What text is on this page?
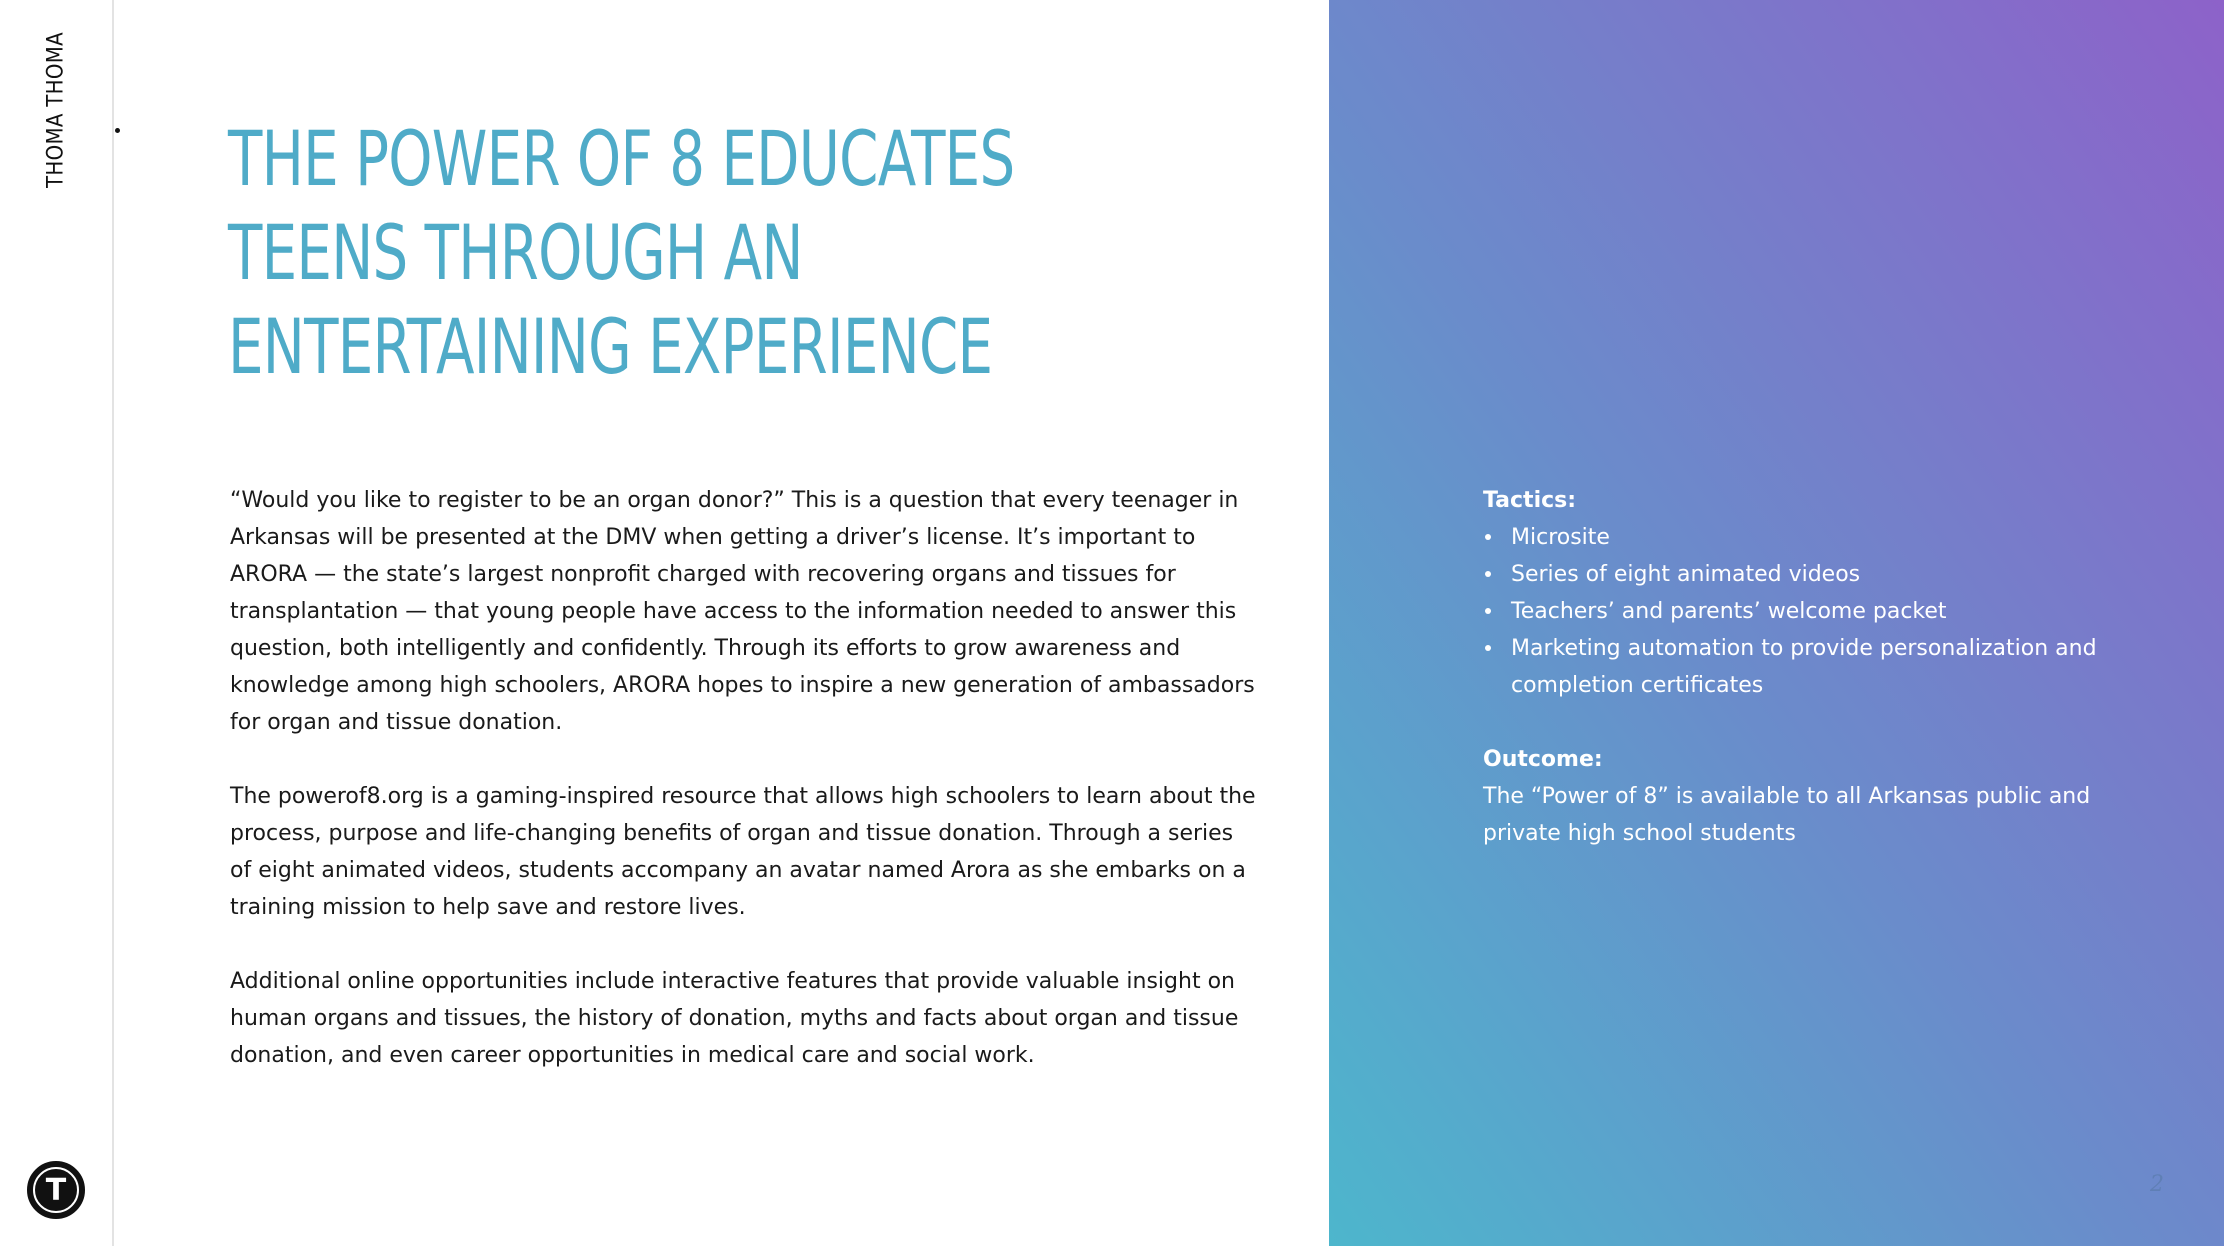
THOMA THOMA
T
THE POWER OF 8 EDUCATES
TEENS THROUGH AN
ENTERTAINING EXPERIENCE

“Would you like to register to be an organ donor?” This is a question that every teenager in Arkansas will be presented at the DMV when getting a driver’s license. It’s important to ARORA — the state’s largest nonprofit charged with recovering organs and tissues for transplantation — that young people have access to the information needed to answer this question, both intelligently and confidently. Through its efforts to grow awareness and knowledge among high schoolers, ARORA hopes to inspire a new generation of ambassadors for organ and tissue donation.

The powerof8.org is a gaming-inspired resource that allows high schoolers to learn about the process, purpose and life-changing benefits of organ and tissue donation. Through a series of eight animated videos, students accompany an avatar named Arora as she embarks on a training mission to help save and restore lives.

Additional online opportunities include interactive features that provide valuable insight on human organs and tissues, the history of donation, myths and facts about organ and tissue donation, and even career opportunities in medical care and social work.

Tactics:
Microsite
Series of eight animated videos
Teachers’ and parents’ welcome packet
Marketing automation to provide personalization and completion certificates
Outcome:
The “Power of 8” is available to all Arkansas public and private high school students
2
